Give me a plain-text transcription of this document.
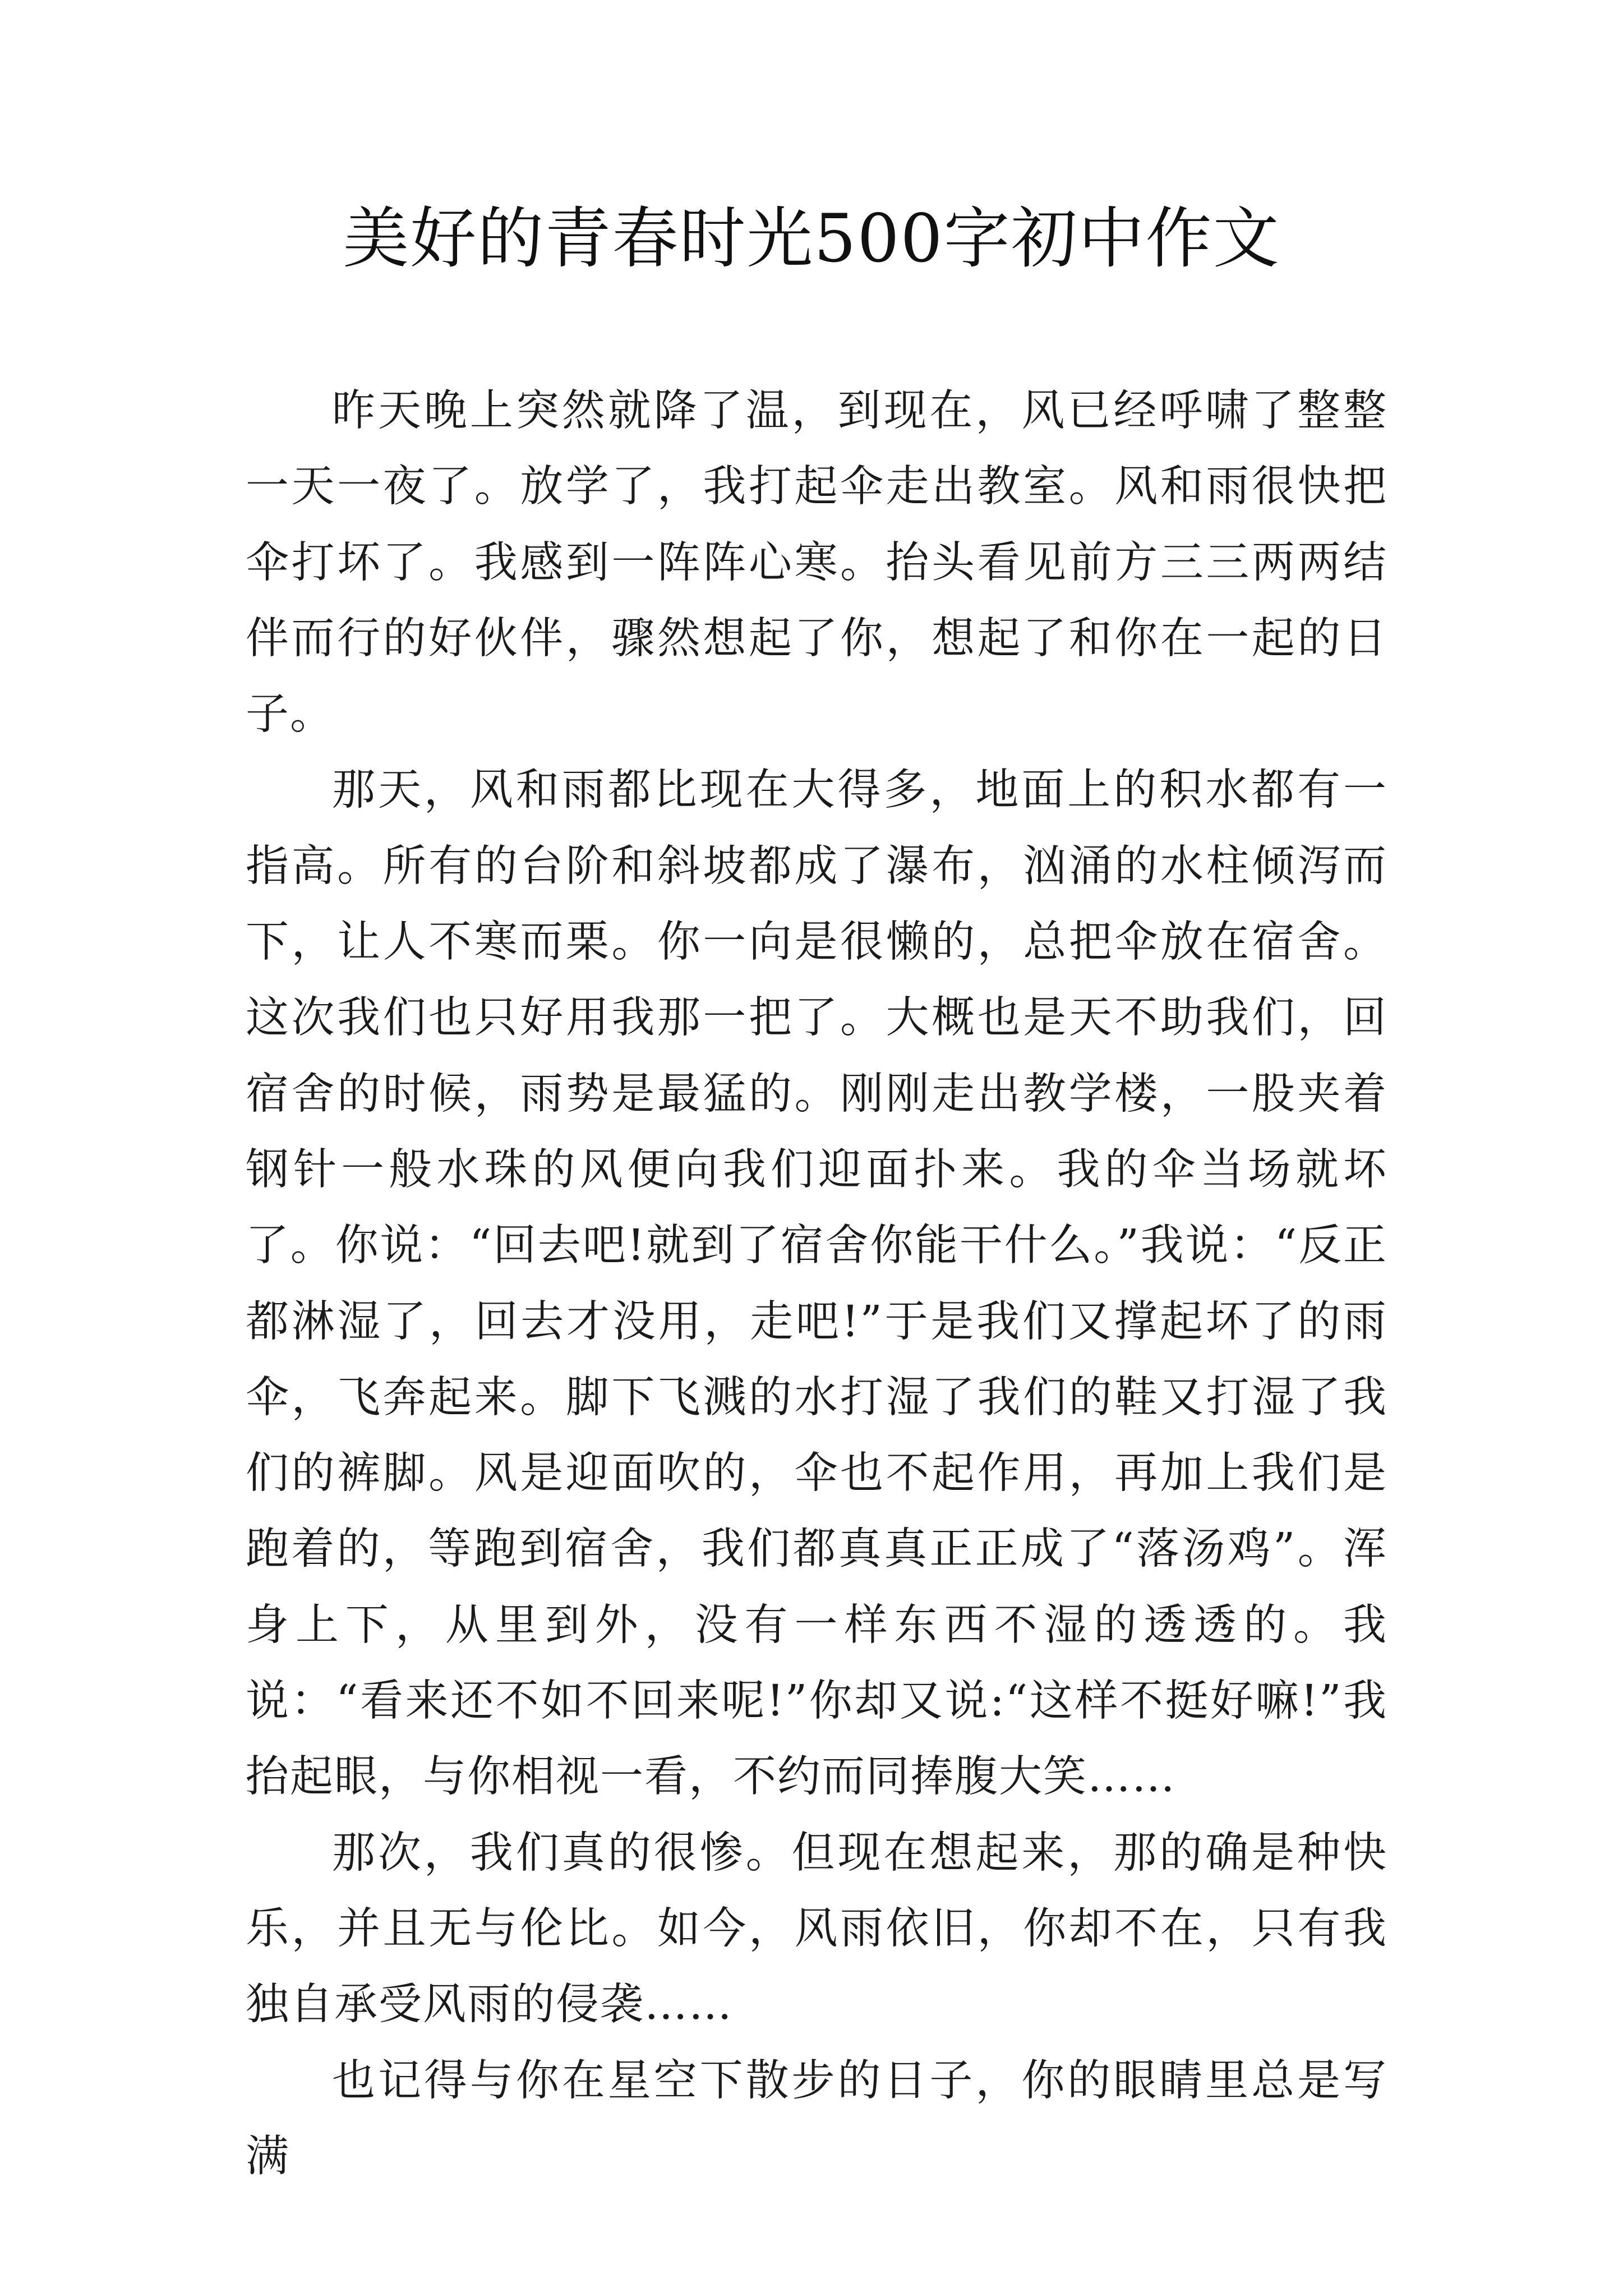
美好的青春时光500字初中作文

昨天晚上突然就降了温，到现在，风已经呼啸了整整一天一夜了。放学了，我打起伞走出教室。风和雨很快把伞打坏了。我感到一阵阵心寒。抬头看见前方三三两两结伴而行的好伙伴，骤然想起了你，想起了和你在一起的日子。

那天，风和雨都比现在大得多，地面上的积水都有一指高。所有的台阶和斜坡都成了瀑布，汹涌的水柱倾泻而下，让人不寒而栗。你一向是很懒的，总把伞放在宿舍。这次我们也只好用我那一把了。大概也是天不助我们，回宿舍的时候，雨势是最猛的。刚刚走出教学楼，一股夹着钢针一般水珠的风便向我们迎面扑来。我的伞当场就坏了。你说：“回去吧!就到了宿舍你能干什么。”我说：“反正都淋湿了，回去才没用，走吧!”于是我们又撑起坏了的雨伞，飞奔起来。脚下飞溅的水打湿了我们的鞋又打湿了我们的裤脚。风是迎面吹的，伞也不起作用，再加上我们是跑着的，等跑到宿舍，我们都真真正正成了“落汤鸡”。浑身上下，从里到外，没有一样东西不湿的透透的。我说：“看来还不如不回来呢!”你却又说:“这样不挺好嘛!”我抬起眼，与你相视一看，不约而同捧腹大笑……

那次，我们真的很惨。但现在想起来，那的确是种快乐，并且无与伦比。如今，风雨依旧，你却不在，只有我独自承受风雨的侵袭……

也记得与你在星空下散步的日子，你的眼睛里总是写满
